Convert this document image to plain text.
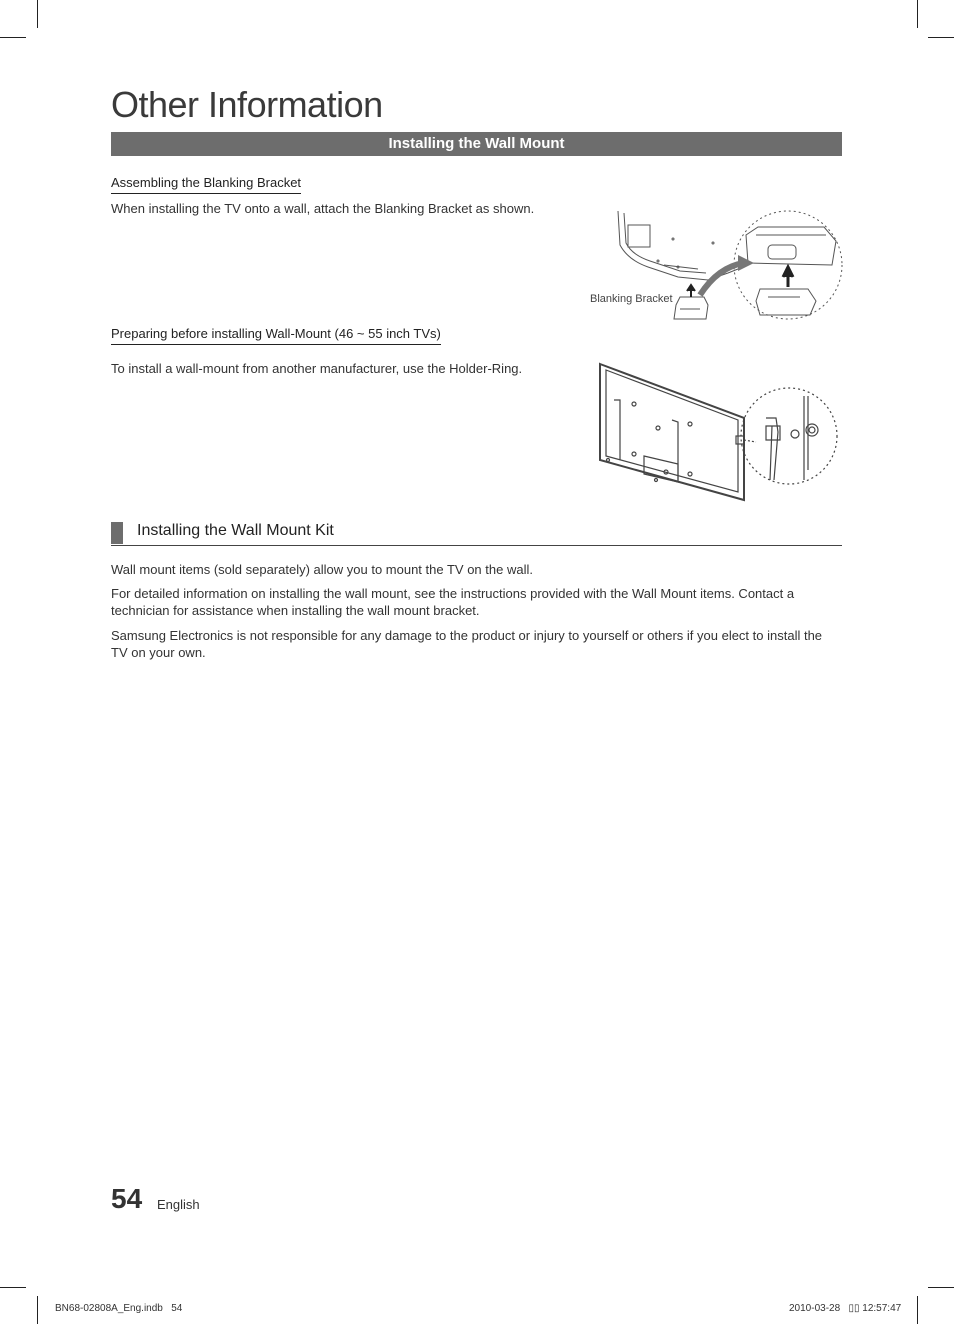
Other Information
Installing the Wall Mount
Assembling the Blanking Bracket

When installing the TV onto a wall, attach the Blanking Bracket as shown.

Blanking Bracket
Preparing before installing Wall-Mount (46 ~ 55 inch TVs)

To install a wall-mount from another manufacturer, use the Holder-Ring.

Installing the Wall Mount Kit

Wall mount items (sold separately) allow you to mount the TV on the wall.

For detailed information on installing the wall mount, see the instructions provided with the Wall Mount items. Contact a technician for assistance when installing the wall mount bracket.

Samsung Electronics is not responsible for any damage to the product or injury to yourself or others if you elect to install the TV on your own.

54 English
BN68-02808A_Eng.indb   54	2010-03-28   ▯▯ 12:57:47
